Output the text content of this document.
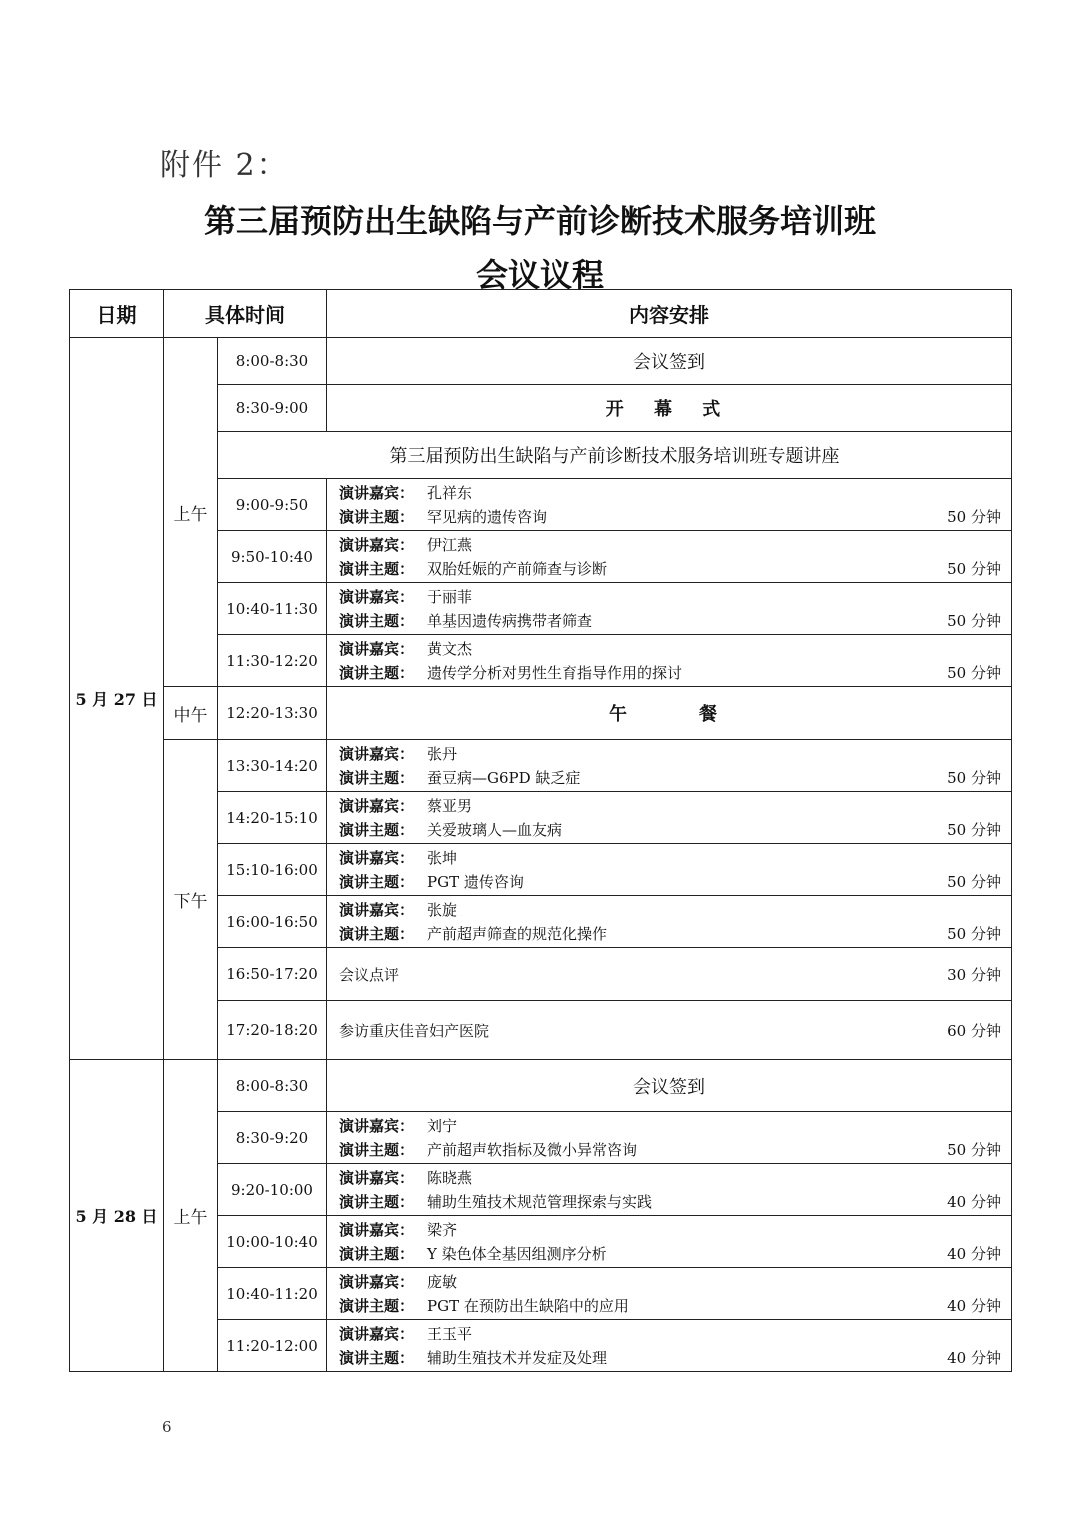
附件 2：
第三届预防出生缺陷与产前诊断技术服务培训班
会议议程
日期	具体时间		内容安排
5 月 27 日	上午	8:00-8:30	会议签到
		8:30-9:00	开 幕 式
		第三届预防出生缺陷与产前诊断技术服务培训班专题讲座	
		9:00-9:50	演讲嘉宾： 孔祥东
演讲主题： 罕见病的遗传咨询 50 分钟

		9:50-10:40	演讲嘉宾： 伊江燕
演讲主题： 双胎妊娠的产前筛查与诊断 50 分钟

		10:40-11:30	演讲嘉宾： 于丽菲
演讲主题： 单基因遗传病携带者筛查 50 分钟

		11:30-12:20	演讲嘉宾： 黄文杰
演讲主题： 遗传学分析对男性生育指导作用的探讨 50 分钟

	中午	12:20-13:30	午　　餐
	下午	13:30-14:20	演讲嘉宾： 张丹
演讲主题： 蚕豆病—G6PD 缺乏症 50 分钟

		14:20-15:10	演讲嘉宾： 蔡亚男
演讲主题： 关爱玻璃人—血友病 50 分钟

		15:10-16:00	演讲嘉宾： 张坤
演讲主题： PGT 遗传咨询 50 分钟

		16:00-16:50	演讲嘉宾： 张旋
演讲主题： 产前超声筛查的规范化操作 50 分钟

		16:50-17:20	会议点评 30 分钟

		17:20-18:20	参访重庆佳音妇产医院 60 分钟

5 月 28 日	上午	8:00-8:30	会议签到
		8:30-9:20	演讲嘉宾： 刘宁
演讲主题： 产前超声软指标及微小异常咨询 50 分钟

		9:20-10:00	演讲嘉宾： 陈晓燕
演讲主题： 辅助生殖技术规范管理探索与实践 40 分钟

		10:00-10:40	演讲嘉宾： 梁齐
演讲主题： Y 染色体全基因组测序分析 40 分钟

		10:40-11:20	演讲嘉宾： 庞敏
演讲主题： PGT 在预防出生缺陷中的应用 40 分钟

		11:20-12:00	演讲嘉宾： 王玉平
演讲主题： 辅助生殖技术并发症及处理 40 分钟
6
